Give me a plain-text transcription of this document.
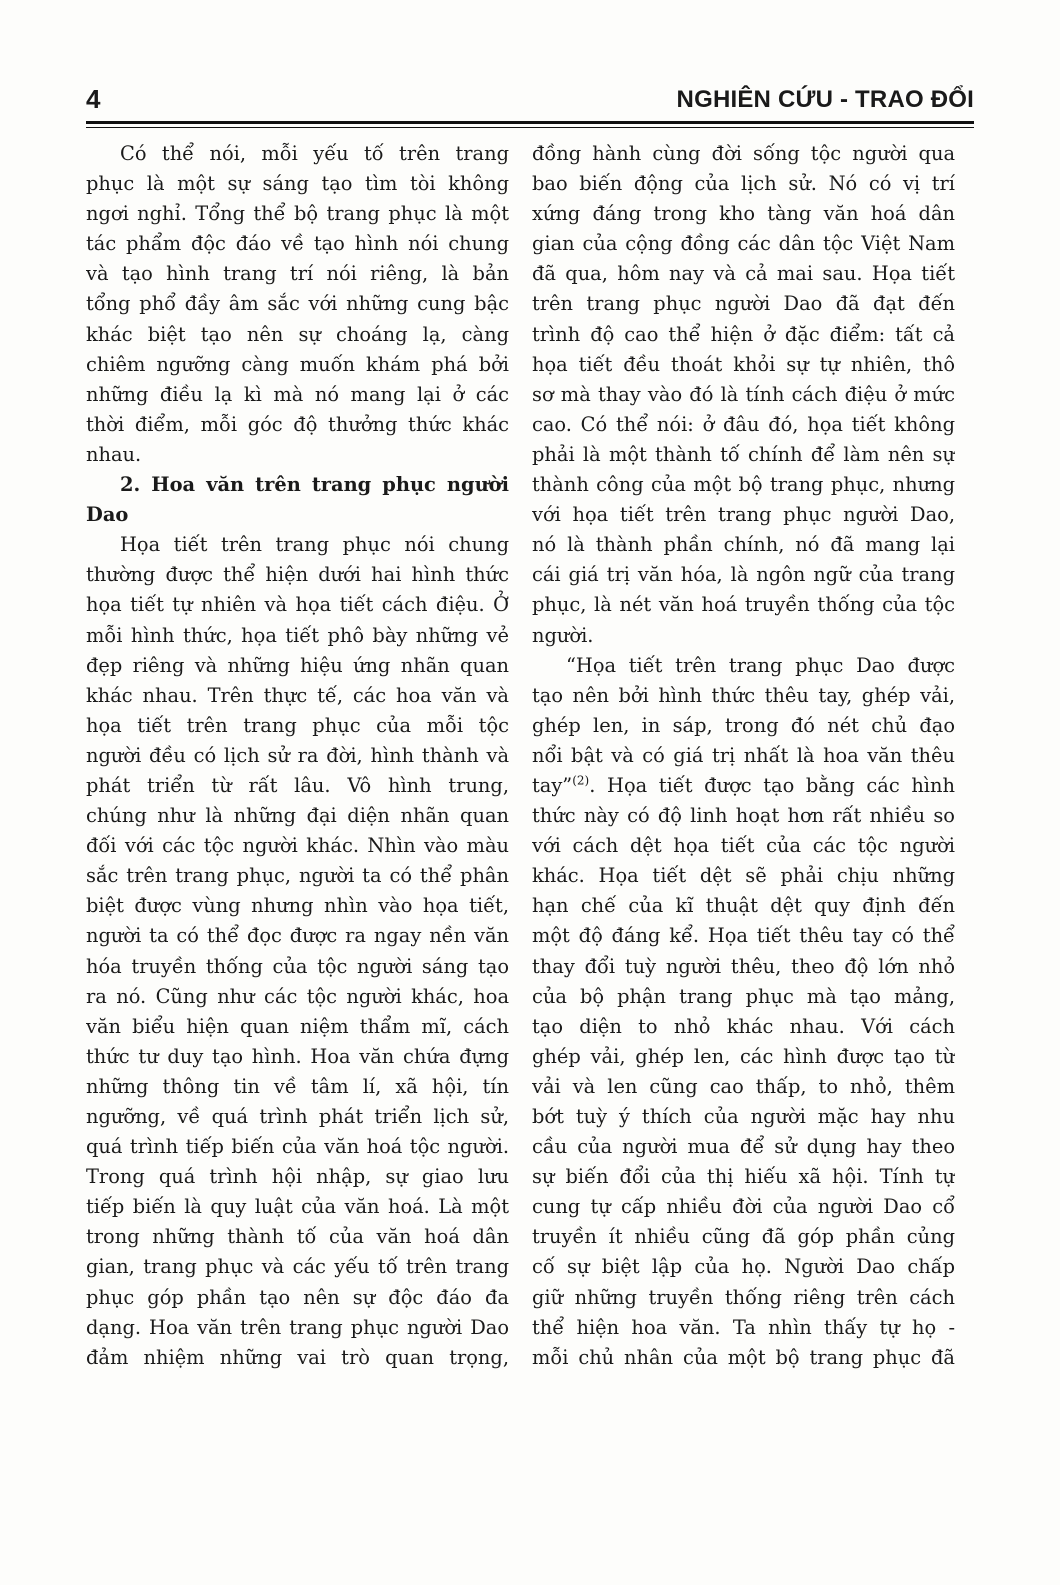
4	NGHIÊN CỨU - TRAO ĐỔI
Có thể nói, mỗi yếu tố trên trang
phục là một sự sáng tạo tìm tòi không
ngơi nghỉ. Tổng thể bộ trang phục là một
tác phẩm độc đáo về tạo hình nói chung
và tạo hình trang trí nói riêng, là bản
tổng phổ đầy âm sắc với những cung bậc
khác biệt tạo nên sự choáng lạ, càng
chiêm ngưỡng càng muốn khám phá bởi
những điều lạ kì mà nó mang lại ở các
thời điểm, mỗi góc độ thưởng thức khác
nhau.
2. Hoa văn trên trang phục người
Dao
Họa tiết trên trang phục nói chung
thường được thể hiện dưới hai hình thức
họa tiết tự nhiên và họa tiết cách điệu. Ở
mỗi hình thức, họa tiết phô bày những vẻ
đẹp riêng và những hiệu ứng nhãn quan
khác nhau. Trên thực tế, các hoa văn và
họa tiết trên trang phục của mỗi tộc
người đều có lịch sử ra đời, hình thành và
phát triển từ rất lâu. Vô hình trung,
chúng như là những đại diện nhãn quan
đối với các tộc người khác. Nhìn vào màu
sắc trên trang phục, người ta có thể phân
biệt được vùng nhưng nhìn vào họa tiết,
người ta có thể đọc được ra ngay nền văn
hóa truyền thống của tộc người sáng tạo
ra nó. Cũng như các tộc người khác, hoa
văn biểu hiện quan niệm thẩm mĩ, cách
thức tư duy tạo hình. Hoa văn chứa đựng
những thông tin về tâm lí, xã hội, tín
ngưỡng, về quá trình phát triển lịch sử,
quá trình tiếp biến của văn hoá tộc người.
Trong quá trình hội nhập, sự giao lưu
tiếp biến là quy luật của văn hoá. Là một
trong những thành tố của văn hoá dân
gian, trang phục và các yếu tố trên trang
phục góp phần tạo nên sự độc đáo đa
dạng. Hoa văn trên trang phục người Dao
đảm nhiệm những vai trò quan trọng,
đồng hành cùng đời sống tộc người qua
bao biến động của lịch sử. Nó có vị trí
xứng đáng trong kho tàng văn hoá dân
gian của cộng đồng các dân tộc Việt Nam
đã qua, hôm nay và cả mai sau. Họa tiết
trên trang phục người Dao đã đạt đến
trình độ cao thể hiện ở đặc điểm: tất cả
họa tiết đều thoát khỏi sự tự nhiên, thô
sơ mà thay vào đó là tính cách điệu ở mức
cao. Có thể nói: ở đâu đó, họa tiết không
phải là một thành tố chính để làm nên sự
thành công của một bộ trang phục, nhưng
với họa tiết trên trang phục người Dao,
nó là thành phần chính, nó đã mang lại
cái giá trị văn hóa, là ngôn ngữ của trang
phục, là nét văn hoá truyền thống của tộc
người.
“Họa tiết trên trang phục Dao được
tạo nên bởi hình thức thêu tay, ghép vải,
ghép len, in sáp, trong đó nét chủ đạo
nổi bật và có giá trị nhất là hoa văn thêu
tay”$^{(2)}$. Họa tiết được tạo bằng các hình
thức này có độ linh hoạt hơn rất nhiều so
với cách dệt họa tiết của các tộc người
khác. Họa tiết dệt sẽ phải chịu những
hạn chế của kĩ thuật dệt quy định đến
một độ đáng kể. Họa tiết thêu tay có thể
thay đổi tuỳ người thêu, theo độ lớn nhỏ
của bộ phận trang phục mà tạo mảng,
tạo diện to nhỏ khác nhau. Với cách
ghép vải, ghép len, các hình được tạo từ
vải và len cũng cao thấp, to nhỏ, thêm
bớt tuỳ ý thích của người mặc hay nhu
cầu của người mua để sử dụng hay theo
sự biến đổi của thị hiếu xã hội. Tính tự
cung tự cấp nhiều đời của người Dao cổ
truyền ít nhiều cũng đã góp phần củng
cố sự biệt lập của họ. Người Dao chấp
giữ những truyền thống riêng trên cách
thể hiện hoa văn. Ta nhìn thấy tự họ -
mỗi chủ nhân của một bộ trang phục đã
